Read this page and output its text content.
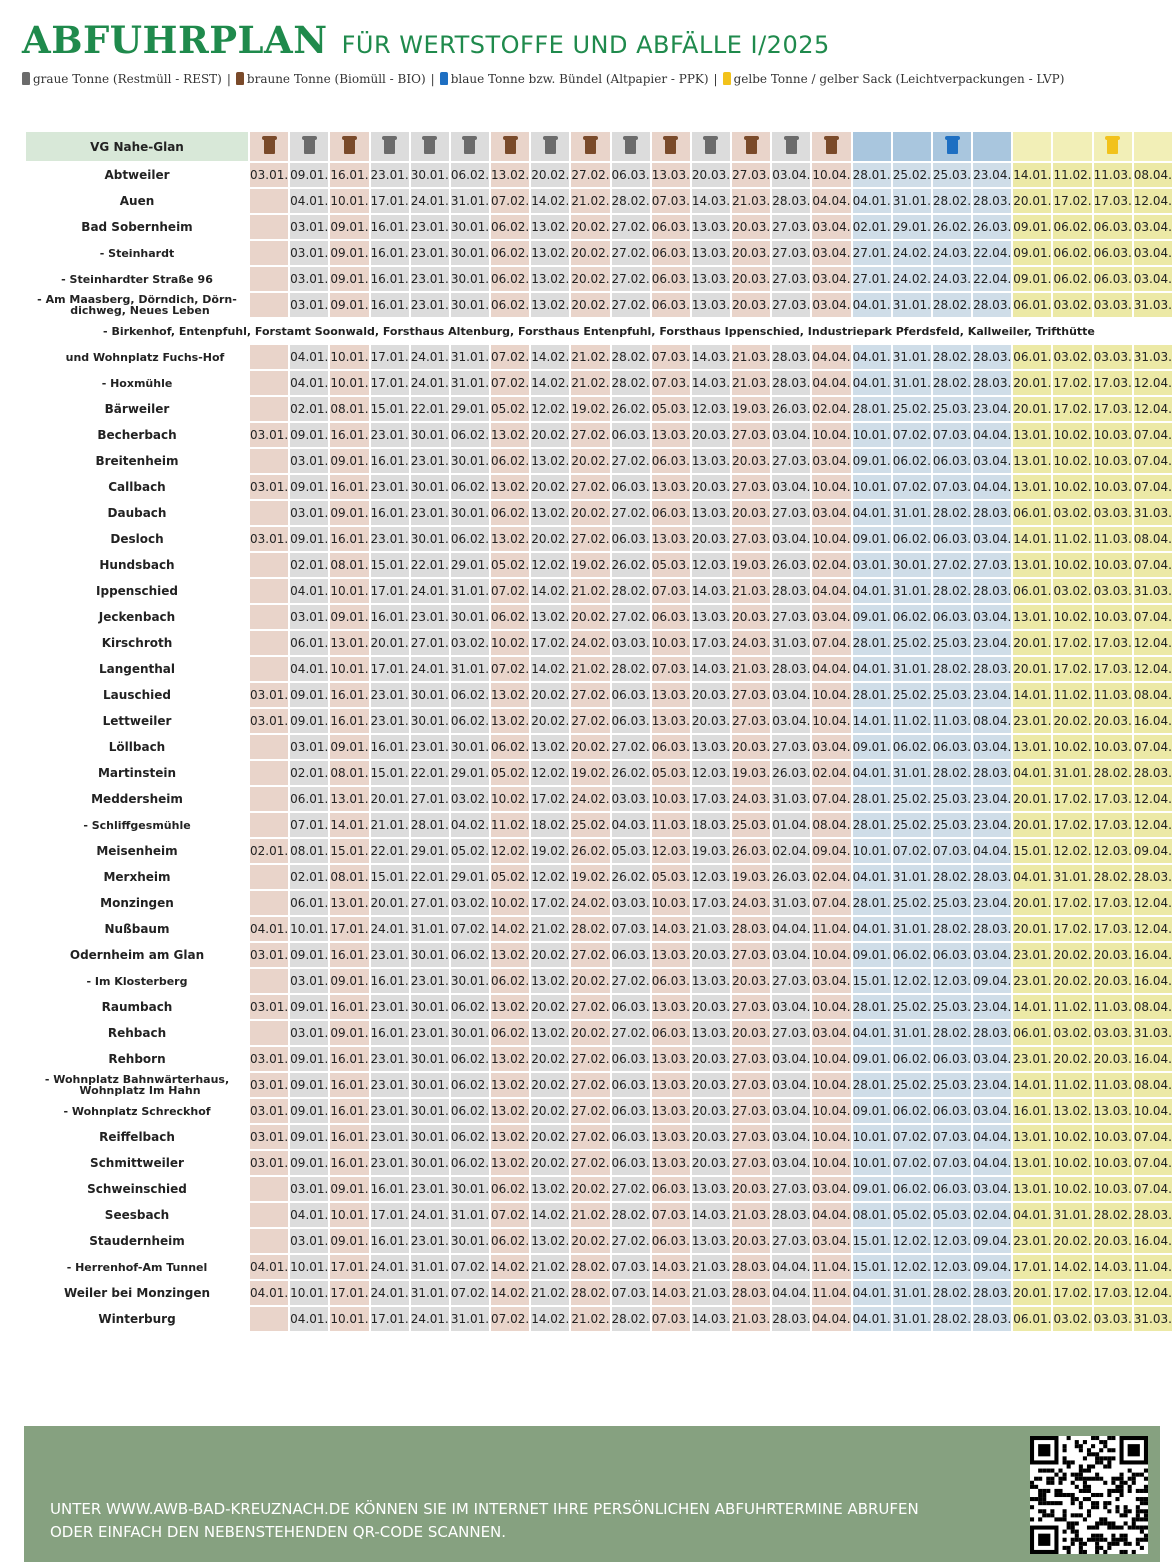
ABFUHRPLAN FÜR WERTSTOFFE UND ABFÄLLE I/2025
graue Tonne (Restmüll - REST) | braune Tonne (Biomüll - BIO) | blaue Tonne bzw. Bündel (Altpapier - PPK) | gelbe Tonne / gelber Sack (Leichtverpackungen - LVP)
VG Nahe-Glan																							
Abtweiler	03.01.	09.01.	16.01.	23.01.	30.01.	06.02.	13.02.	20.02.	27.02.	06.03.	13.03.	20.03.	27.03.	03.04.	10.04.	28.01.	25.02.	25.03.	23.04.	14.01.	11.02.	11.03.	08.04.
Auen		04.01.	10.01.	17.01.	24.01.	31.01.	07.02.	14.02.	21.02.	28.02.	07.03.	14.03.	21.03.	28.03.	04.04.	04.01.	31.01.	28.02.	28.03.	20.01.	17.02.	17.03.	12.04.
Bad Sobernheim		03.01.	09.01.	16.01.	23.01.	30.01.	06.02.	13.02.	20.02.	27.02.	06.03.	13.03.	20.03.	27.03.	03.04.	02.01.	29.01.	26.02.	26.03.	09.01.	06.02.	06.03.	03.04.
- Steinhardt		03.01.	09.01.	16.01.	23.01.	30.01.	06.02.	13.02.	20.02.	27.02.	06.03.	13.03.	20.03.	27.03.	03.04.	27.01.	24.02.	24.03.	22.04.	09.01.	06.02.	06.03.	03.04.
- Steinhardter Straße 96		03.01.	09.01.	16.01.	23.01.	30.01.	06.02.	13.02.	20.02.	27.02.	06.03.	13.03.	20.03.	27.03.	03.04.	27.01.	24.02.	24.03.	22.04.	09.01.	06.02.	06.03.	03.04.

- Am Maasberg, Dörndich, Dörn-
dichweg, Neues Leben		03.01.	09.01.	16.01.	23.01.	30.01.	06.02.	13.02.	20.02.	27.02.	06.03.	13.03.	20.03.	27.03.	03.04.	04.01.	31.01.	28.02.	28.03.	06.01.	03.02.	03.03.	31.03.
- Birkenhof, Entenpfuhl, Forstamt Soonwald, Forsthaus Altenburg, Forsthaus Entenpfuhl, Forsthaus Ippenschied, Industriepark Pferdsfeld, Kallweiler, Trifthütte																							
und Wohnplatz Fuchs-Hof		04.01.	10.01.	17.01.	24.01.	31.01.	07.02.	14.02.	21.02.	28.02.	07.03.	14.03.	21.03.	28.03.	04.04.	04.01.	31.01.	28.02.	28.03.	06.01.	03.02.	03.03.	31.03.
- Hoxmühle		04.01.	10.01.	17.01.	24.01.	31.01.	07.02.	14.02.	21.02.	28.02.	07.03.	14.03.	21.03.	28.03.	04.04.	04.01.	31.01.	28.02.	28.03.	20.01.	17.02.	17.03.	12.04.
Bärweiler		02.01.	08.01.	15.01.	22.01.	29.01.	05.02.	12.02.	19.02.	26.02.	05.03.	12.03.	19.03.	26.03.	02.04.	28.01.	25.02.	25.03.	23.04.	20.01.	17.02.	17.03.	12.04.
Becherbach	03.01.	09.01.	16.01.	23.01.	30.01.	06.02.	13.02.	20.02.	27.02.	06.03.	13.03.	20.03.	27.03.	03.04.	10.04.	10.01.	07.02.	07.03.	04.04.	13.01.	10.02.	10.03.	07.04.
Breitenheim		03.01.	09.01.	16.01.	23.01.	30.01.	06.02.	13.02.	20.02.	27.02.	06.03.	13.03.	20.03.	27.03.	03.04.	09.01.	06.02.	06.03.	03.04.	13.01.	10.02.	10.03.	07.04.
Callbach	03.01.	09.01.	16.01.	23.01.	30.01.	06.02.	13.02.	20.02.	27.02.	06.03.	13.03.	20.03.	27.03.	03.04.	10.04.	10.01.	07.02.	07.03.	04.04.	13.01.	10.02.	10.03.	07.04.
Daubach		03.01.	09.01.	16.01.	23.01.	30.01.	06.02.	13.02.	20.02.	27.02.	06.03.	13.03.	20.03.	27.03.	03.04.	04.01.	31.01.	28.02.	28.03.	06.01.	03.02.	03.03.	31.03.
Desloch	03.01.	09.01.	16.01.	23.01.	30.01.	06.02.	13.02.	20.02.	27.02.	06.03.	13.03.	20.03.	27.03.	03.04.	10.04.	09.01.	06.02.	06.03.	03.04.	14.01.	11.02.	11.03.	08.04.
Hundsbach		02.01.	08.01.	15.01.	22.01.	29.01.	05.02.	12.02.	19.02.	26.02.	05.03.	12.03.	19.03.	26.03.	02.04.	03.01.	30.01.	27.02.	27.03.	13.01.	10.02.	10.03.	07.04.
Ippenschied		04.01.	10.01.	17.01.	24.01.	31.01.	07.02.	14.02.	21.02.	28.02.	07.03.	14.03.	21.03.	28.03.	04.04.	04.01.	31.01.	28.02.	28.03.	06.01.	03.02.	03.03.	31.03.
Jeckenbach		03.01.	09.01.	16.01.	23.01.	30.01.	06.02.	13.02.	20.02.	27.02.	06.03.	13.03.	20.03.	27.03.	03.04.	09.01.	06.02.	06.03.	03.04.	13.01.	10.02.	10.03.	07.04.
Kirschroth		06.01.	13.01.	20.01.	27.01.	03.02.	10.02.	17.02.	24.02.	03.03.	10.03.	17.03.	24.03.	31.03.	07.04.	28.01.	25.02.	25.03.	23.04.	20.01.	17.02.	17.03.	12.04.
Langenthal		04.01.	10.01.	17.01.	24.01.	31.01.	07.02.	14.02.	21.02.	28.02.	07.03.	14.03.	21.03.	28.03.	04.04.	04.01.	31.01.	28.02.	28.03.	20.01.	17.02.	17.03.	12.04.
Lauschied	03.01.	09.01.	16.01.	23.01.	30.01.	06.02.	13.02.	20.02.	27.02.	06.03.	13.03.	20.03.	27.03.	03.04.	10.04.	28.01.	25.02.	25.03.	23.04.	14.01.	11.02.	11.03.	08.04.
Lettweiler	03.01.	09.01.	16.01.	23.01.	30.01.	06.02.	13.02.	20.02.	27.02.	06.03.	13.03.	20.03.	27.03.	03.04.	10.04.	14.01.	11.02.	11.03.	08.04.	23.01.	20.02.	20.03.	16.04.
Löllbach		03.01.	09.01.	16.01.	23.01.	30.01.	06.02.	13.02.	20.02.	27.02.	06.03.	13.03.	20.03.	27.03.	03.04.	09.01.	06.02.	06.03.	03.04.	13.01.	10.02.	10.03.	07.04.
Martinstein		02.01.	08.01.	15.01.	22.01.	29.01.	05.02.	12.02.	19.02.	26.02.	05.03.	12.03.	19.03.	26.03.	02.04.	04.01.	31.01.	28.02.	28.03.	04.01.	31.01.	28.02.	28.03.
Meddersheim		06.01.	13.01.	20.01.	27.01.	03.02.	10.02.	17.02.	24.02.	03.03.	10.03.	17.03.	24.03.	31.03.	07.04.	28.01.	25.02.	25.03.	23.04.	20.01.	17.02.	17.03.	12.04.
- Schliffgesmühle		07.01.	14.01.	21.01.	28.01.	04.02.	11.02.	18.02.	25.02.	04.03.	11.03.	18.03.	25.03.	01.04.	08.04.	28.01.	25.02.	25.03.	23.04.	20.01.	17.02.	17.03.	12.04.
Meisenheim	02.01.	08.01.	15.01.	22.01.	29.01.	05.02.	12.02.	19.02.	26.02.	05.03.	12.03.	19.03.	26.03.	02.04.	09.04.	10.01.	07.02.	07.03.	04.04.	15.01.	12.02.	12.03.	09.04.
Merxheim		02.01.	08.01.	15.01.	22.01.	29.01.	05.02.	12.02.	19.02.	26.02.	05.03.	12.03.	19.03.	26.03.	02.04.	04.01.	31.01.	28.02.	28.03.	04.01.	31.01.	28.02.	28.03.
Monzingen		06.01.	13.01.	20.01.	27.01.	03.02.	10.02.	17.02.	24.02.	03.03.	10.03.	17.03.	24.03.	31.03.	07.04.	28.01.	25.02.	25.03.	23.04.	20.01.	17.02.	17.03.	12.04.
Nußbaum	04.01.	10.01.	17.01.	24.01.	31.01.	07.02.	14.02.	21.02.	28.02.	07.03.	14.03.	21.03.	28.03.	04.04.	11.04.	04.01.	31.01.	28.02.	28.03.	20.01.	17.02.	17.03.	12.04.
Odernheim am Glan	03.01.	09.01.	16.01.	23.01.	30.01.	06.02.	13.02.	20.02.	27.02.	06.03.	13.03.	20.03.	27.03.	03.04.	10.04.	09.01.	06.02.	06.03.	03.04.	23.01.	20.02.	20.03.	16.04.
- Im Klosterberg		03.01.	09.01.	16.01.	23.01.	30.01.	06.02.	13.02.	20.02.	27.02.	06.03.	13.03.	20.03.	27.03.	03.04.	15.01.	12.02.	12.03.	09.04.	23.01.	20.02.	20.03.	16.04.
Raumbach	03.01.	09.01.	16.01.	23.01.	30.01.	06.02.	13.02.	20.02.	27.02.	06.03.	13.03.	20.03.	27.03.	03.04.	10.04.	28.01.	25.02.	25.03.	23.04.	14.01.	11.02.	11.03.	08.04.
Rehbach		03.01.	09.01.	16.01.	23.01.	30.01.	06.02.	13.02.	20.02.	27.02.	06.03.	13.03.	20.03.	27.03.	03.04.	04.01.	31.01.	28.02.	28.03.	06.01.	03.02.	03.03.	31.03.
Rehborn	03.01.	09.01.	16.01.	23.01.	30.01.	06.02.	13.02.	20.02.	27.02.	06.03.	13.03.	20.03.	27.03.	03.04.	10.04.	09.01.	06.02.	06.03.	03.04.	23.01.	20.02.	20.03.	16.04.

- Wohnplatz Bahnwärterhaus,
Wohnplatz Im Hahn	03.01.	09.01.	16.01.	23.01.	30.01.	06.02.	13.02.	20.02.	27.02.	06.03.	13.03.	20.03.	27.03.	03.04.	10.04.	28.01.	25.02.	25.03.	23.04.	14.01.	11.02.	11.03.	08.04.
- Wohnplatz Schreckhof	03.01.	09.01.	16.01.	23.01.	30.01.	06.02.	13.02.	20.02.	27.02.	06.03.	13.03.	20.03.	27.03.	03.04.	10.04.	09.01.	06.02.	06.03.	03.04.	16.01.	13.02.	13.03.	10.04.
Reiffelbach	03.01.	09.01.	16.01.	23.01.	30.01.	06.02.	13.02.	20.02.	27.02.	06.03.	13.03.	20.03.	27.03.	03.04.	10.04.	10.01.	07.02.	07.03.	04.04.	13.01.	10.02.	10.03.	07.04.
Schmittweiler	03.01.	09.01.	16.01.	23.01.	30.01.	06.02.	13.02.	20.02.	27.02.	06.03.	13.03.	20.03.	27.03.	03.04.	10.04.	10.01.	07.02.	07.03.	04.04.	13.01.	10.02.	10.03.	07.04.
Schweinschied		03.01.	09.01.	16.01.	23.01.	30.01.	06.02.	13.02.	20.02.	27.02.	06.03.	13.03.	20.03.	27.03.	03.04.	09.01.	06.02.	06.03.	03.04.	13.01.	10.02.	10.03.	07.04.
Seesbach		04.01.	10.01.	17.01.	24.01.	31.01.	07.02.	14.02.	21.02.	28.02.	07.03.	14.03.	21.03.	28.03.	04.04.	08.01.	05.02.	05.03.	02.04.	04.01.	31.01.	28.02.	28.03.
Staudernheim		03.01.	09.01.	16.01.	23.01.	30.01.	06.02.	13.02.	20.02.	27.02.	06.03.	13.03.	20.03.	27.03.	03.04.	15.01.	12.02.	12.03.	09.04.	23.01.	20.02.	20.03.	16.04.
- Herrenhof-Am Tunnel	04.01.	10.01.	17.01.	24.01.	31.01.	07.02.	14.02.	21.02.	28.02.	07.03.	14.03.	21.03.	28.03.	04.04.	11.04.	15.01.	12.02.	12.03.	09.04.	17.01.	14.02.	14.03.	11.04.
Weiler bei Monzingen	04.01.	10.01.	17.01.	24.01.	31.01.	07.02.	14.02.	21.02.	28.02.	07.03.	14.03.	21.03.	28.03.	04.04.	11.04.	04.01.	31.01.	28.02.	28.03.	20.01.	17.02.	17.03.	12.04.
Winterburg		04.01.	10.01.	17.01.	24.01.	31.01.	07.02.	14.02.	21.02.	28.02.	07.03.	14.03.	21.03.	28.03.	04.04.	04.01.	31.01.	28.02.	28.03.	06.01.	03.02.	03.03.	31.03.
UNTER WWW.AWB-BAD-KREUZNACH.DE KÖNNEN SIE IM INTERNET IHRE PERSÖNLICHEN ABFUHRTERMINE ABRUFEN
ODER EINFACH DEN NEBENSTEHENDEN QR-CODE SCANNEN.
